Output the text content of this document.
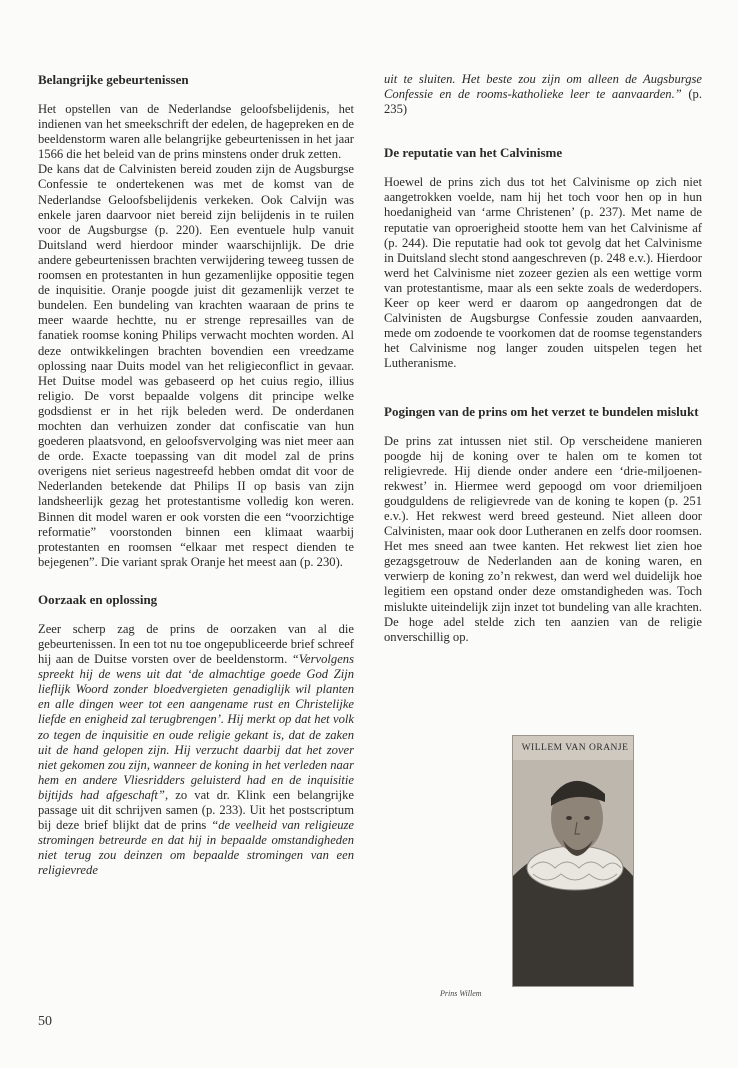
Belangrijke gebeurtenissen

Het opstellen van de Nederlandse geloofsbelijdenis, het indienen van het smeekschrift der edelen, de hagepreken en de beeldenstorm waren alle belangrijke gebeurtenissen in het jaar 1566 die het beleid van de prins minstens onder druk zetten.

De kans dat de Calvinisten bereid zouden zijn de Augsburgse Confessie te ondertekenen was met de komst van de Nederlandse Geloofsbelijdenis verkeken. Ook Calvijn was enkele jaren daarvoor niet bereid zijn belijdenis in te ruilen voor de Augsburgse (p. 220). Een eventuele hulp vanuit Duitsland werd hierdoor minder waarschijnlijk. De drie andere gebeurtenissen brachten verwijdering teweeg tussen de roomsen en protestanten in hun gezamenlijke oppositie tegen de inquisitie. Oranje poogde juist dit gezamenlijk verzet te bundelen. Een bundeling van krachten waaraan de prins te meer waarde hechtte, nu er strenge represailles van de fanatiek roomse koning Philips verwacht mochten worden. Al deze ontwikkelingen brachten bovendien een vreedzame oplossing naar Duits model van het religieconflict in gevaar. Het Duitse model was gebaseerd op het cuius regio, illius religio. De vorst bepaalde volgens dit principe welke godsdienst er in het rijk beleden werd. De onderdanen mochten dan verhuizen zonder dat confiscatie van hun goederen plaatsvond, en geloofsvervolging was niet meer aan de orde. Exacte toepassing van dit model zal de prins overigens niet serieus nagestreefd hebben omdat dit voor de Nederlanden betekende dat Philips II op basis van zijn landsheerlijk gezag het protestantisme volledig kon weren. Binnen dit model waren er ook vorsten die een “voorzichtige reformatie” voorstonden binnen een klimaat waarbij protestanten en roomsen “elkaar met respect dienden te bejegenen”. Die variant sprak Oranje het meest aan (p. 230).

Oorzaak en oplossing

Zeer scherp zag de prins de oorzaken van al die gebeurtenissen. In een tot nu toe ongepubliceerde brief schreef hij aan de Duitse vorsten over de beeldenstorm. “Vervolgens spreekt hij de wens uit dat ‘de almachtige goede God Zijn lieflijk Woord zonder bloedvergieten genadiglijk wil planten en alle dingen weer tot een aangename rust en Christelijke liefde en enigheid zal terugbrengen’. Hij merkt op dat het volk zo tegen de inquisitie en oude religie gekant is, dat de zaken uit de hand gelopen zijn. Hij verzucht daarbij dat het zover niet gekomen zou zijn, wanneer de koning in het verleden naar hem en andere Vliesridders geluisterd had en de inquisitie bijtijds had afgeschaft”, zo vat dr. Klink een belangrijke passage uit dit schrijven samen (p. 233). Uit het postscriptum bij deze brief blijkt dat de prins “de veelheid van religieuze stromingen betreurde en dat hij in bepaalde omstandigheden niet terug zou deinzen om bepaalde stromingen van een religievrede

uit te sluiten. Het beste zou zijn om alleen de Augsburgse Confessie en de rooms-katholieke leer te aanvaarden.” (p. 235)

De reputatie van het Calvinisme

Hoewel de prins zich dus tot het Calvinisme op zich niet aangetrokken voelde, nam hij het toch voor hen op in hun hoedanigheid van ‘arme Christenen’ (p. 237). Met name de reputatie van oproerigheid stootte hem van het Calvinisme af (p. 244). Die reputatie had ook tot gevolg dat het Calvinisme in Duitsland slecht stond aangeschreven (p. 248 e.v.). Hierdoor werd het Calvinisme niet zozeer gezien als een wettige vorm van protestantisme, maar als een sekte zoals de wederdopers. Keer op keer werd er daarom op aangedrongen dat de Calvinisten de Augsburgse Confessie zouden aanvaarden, mede om zodoende te voorkomen dat de roomse tegenstanders het Calvinisme nog langer zouden uitspelen tegen het Lutheranisme.

Pogingen van de prins om het verzet te bundelen mislukt

De prins zat intussen niet stil. Op verscheidene manieren poogde hij de koning over te halen om te komen tot religievrede. Hij diende onder andere een ‘drie-miljoenen-rekwest’ in. Hiermee werd gepoogd om voor driemiljoen goudguldens de religievrede van de koning te kopen (p. 251 e.v.). Het rekwest werd breed gesteund. Niet alleen door Calvinisten, maar ook door Lutheranen en zelfs door roomsen. Het mes sneed aan twee kanten. Het rekwest liet zien hoe gezagsgetrouw de Nederlanden aan de koning waren, en verwierp de koning zo’n rekwest, dan werd wel duidelijk hoe legitiem een opstand onder deze omstandigheden was. Toch mislukte uiteindelijk zijn inzet tot bundeling van alle krachten. De hoge adel stelde zich ten aanzien van de religie onverschillig op.

WILLEM VAN ORANJE
Prins Willem
50
